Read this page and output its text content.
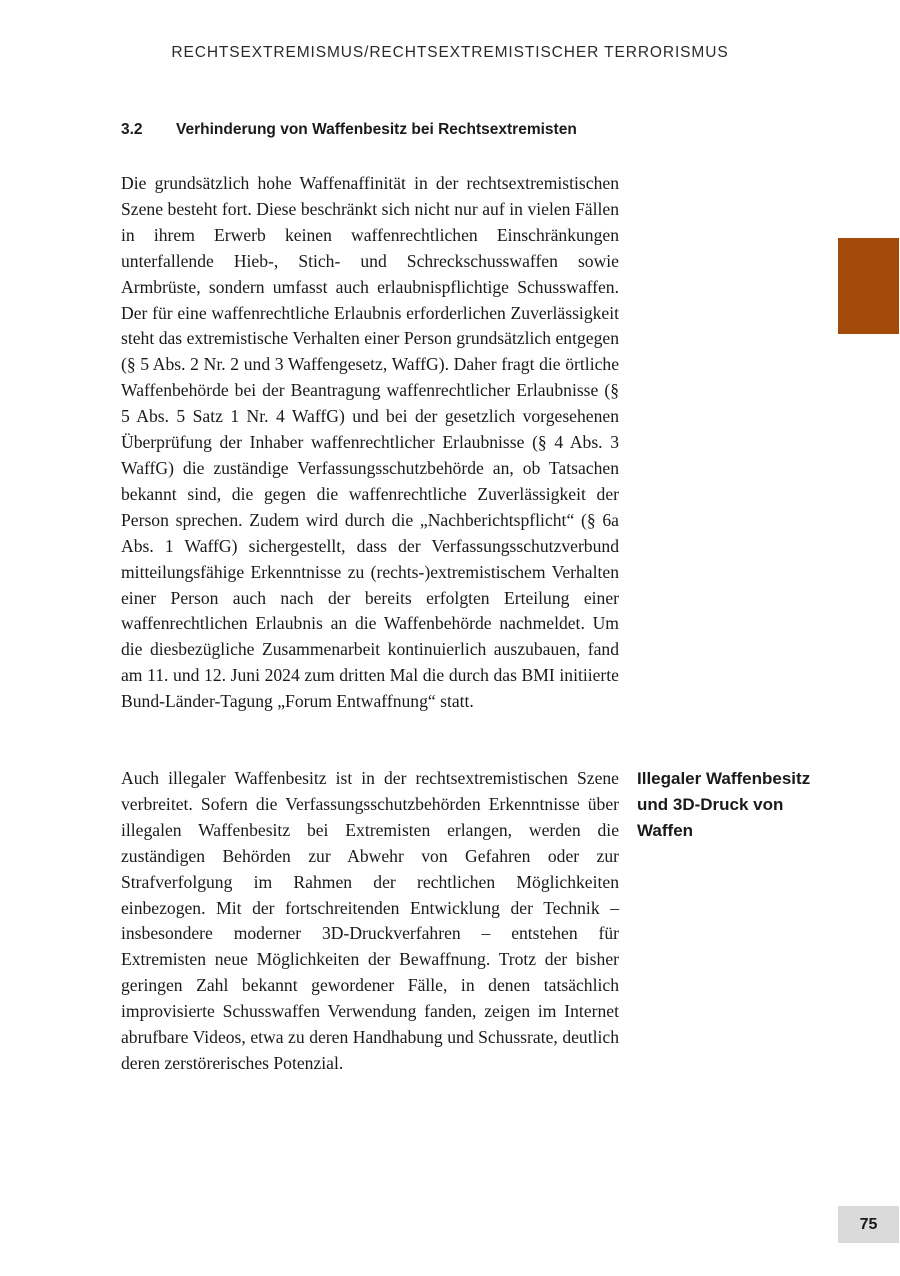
RECHTSEXTREMISMUS/RECHTSEXTREMISTISCHER TERRORISMUS
3.2 Verhinderung von Waffenbesitz bei Rechtsextremisten

Die grundsätzlich hohe Waffenaffinität in der rechtsextremistischen Szene besteht fort. Diese beschränkt sich nicht nur auf in vielen Fällen in ihrem Erwerb keinen waffenrechtlichen Einschränkungen unterfallende Hieb-, Stich- und Schreckschusswaffen sowie Armbrüste, sondern umfasst auch erlaubnispflichtige Schusswaffen. Der für eine waffenrechtliche Erlaubnis erforderlichen Zuverlässigkeit steht das extremistische Verhalten einer Person grundsätzlich entgegen (§ 5 Abs. 2 Nr. 2 und 3 Waffengesetz, WaffG). Daher fragt die örtliche Waffenbehörde bei der Beantragung waffenrechtlicher Erlaubnisse (§ 5 Abs. 5 Satz 1 Nr. 4 WaffG) und bei der gesetzlich vorgesehenen Überprüfung der Inhaber waffenrechtlicher Erlaubnisse (§ 4 Abs. 3 WaffG) die zuständige Verfassungsschutzbehörde an, ob Tatsachen bekannt sind, die gegen die waffenrechtliche Zuverlässigkeit der Person sprechen. Zudem wird durch die „Nachberichtspflicht“ (§ 6a Abs. 1 WaffG) sichergestellt, dass der Verfassungsschutzverbund mitteilungsfähige Erkenntnisse zu (rechts-)extremistischem Verhalten einer Person auch nach der bereits erfolgten Erteilung einer waffenrechtlichen Erlaubnis an die Waffenbehörde nachmeldet. Um die diesbezügliche Zusammenarbeit kontinuierlich auszubauen, fand am 11. und 12. Juni 2024 zum dritten Mal die durch das BMI initiierte Bund-Länder-Tagung „Forum Entwaffnung“ statt.

Auch illegaler Waffenbesitz ist in der rechtsextremistischen Szene verbreitet. Sofern die Verfassungsschutzbehörden Erkenntnisse über illegalen Waffenbesitz bei Extremisten erlangen, werden die zuständigen Behörden zur Abwehr von Gefahren oder zur Strafverfolgung im Rahmen der rechtlichen Möglichkeiten einbezogen. Mit der fortschreitenden Entwicklung der Technik – insbesondere moderner 3D-Druckverfahren – entstehen für Extremisten neue Möglichkeiten der Bewaffnung. Trotz der bisher geringen Zahl bekannt gewordener Fälle, in denen tatsächlich improvisierte Schusswaffen Verwendung fanden, zeigen im Internet abrufbare Videos, etwa zu deren Handhabung und Schussrate, deutlich deren zerstörerisches Potenzial.

Illegaler Waffenbesitz und 3D-Druck von Waffen
75
